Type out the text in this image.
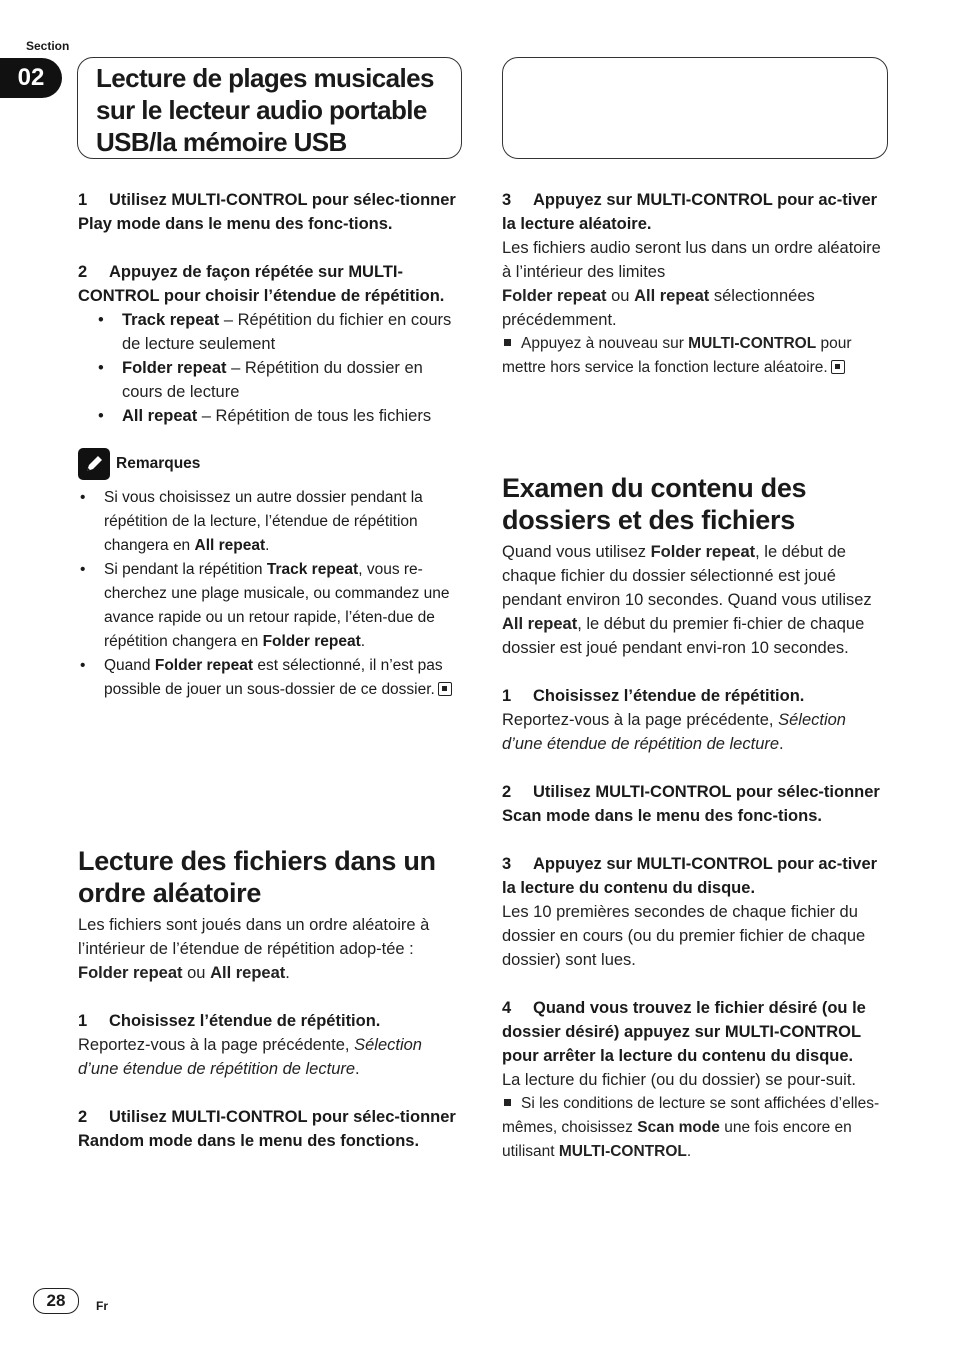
Section
02	Lecture de plages musicales sur le lecteur audio portable USB/la mémoire USB

1 Utilisez MULTI-CONTROL pour sélec-tionner Play mode dans le menu des fonc-tions.

2 Appuyez de façon répétée sur MULTI-CONTROL pour choisir l’étendue de répétition.

• Track repeat – Répétition du fichier en cours de lecture seulement
• Folder repeat – Répétition du dossier en cours de lecture
• All repeat – Répétition de tous les fichiers
Remarques
• Si vous choisissez un autre dossier pendant la répétition de la lecture, l’étendue de répétition changera en All repeat.
• Si pendant la répétition Track repeat, vous re-cherchez une plage musicale, ou commandez une avance rapide ou un retour rapide, l’éten-due de répétition changera en Folder repeat.
• Quand Folder repeat est sélectionné, il n’est pas possible de jouer un sous-dossier de ce dossier.

Lecture des fichiers dans un ordre aléatoire

Les fichiers sont joués dans un ordre aléatoire à l’intérieur de l’étendue de répétition adop-tée : Folder repeat ou All repeat.

1 Choisissez l’étendue de répétition.

Reportez-vous à la page précédente, Sélection d’une étendue de répétition de lecture.

2 Utilisez MULTI-CONTROL pour sélec-tionner Random mode dans le menu des fonctions.

3 Appuyez sur MULTI-CONTROL pour ac-tiver la lecture aléatoire.

Les fichiers audio seront lus dans un ordre aléatoire à l’intérieur des limites
Folder repeat ou All repeat sélectionnées précédemment.

Appuyez à nouveau sur MULTI-CONTROL pour mettre hors service la fonction lecture aléatoire.

Examen du contenu des dossiers et des fichiers

Quand vous utilisez Folder repeat, le début de chaque fichier du dossier sélectionné est joué pendant environ 10 secondes. Quand vous utilisez All repeat, le début du premier fi-chier de chaque dossier est joué pendant envi-ron 10 secondes.

1 Choisissez l’étendue de répétition.

Reportez-vous à la page précédente, Sélection d’une étendue de répétition de lecture.

2 Utilisez MULTI-CONTROL pour sélec-tionner Scan mode dans le menu des fonc-tions.

3 Appuyez sur MULTI-CONTROL pour ac-tiver la lecture du contenu du disque.

Les 10 premières secondes de chaque fichier du dossier en cours (ou du premier fichier de chaque dossier) sont lues.

4 Quand vous trouvez le fichier désiré (ou le dossier désiré) appuyez sur MULTI-CONTROL pour arrêter la lecture du contenu du disque.

La lecture du fichier (ou du dossier) se pour-suit.

Si les conditions de lecture se sont affichées d’elles-mêmes, choisissez Scan mode une fois encore en utilisant MULTI-CONTROL.

28	Fr
